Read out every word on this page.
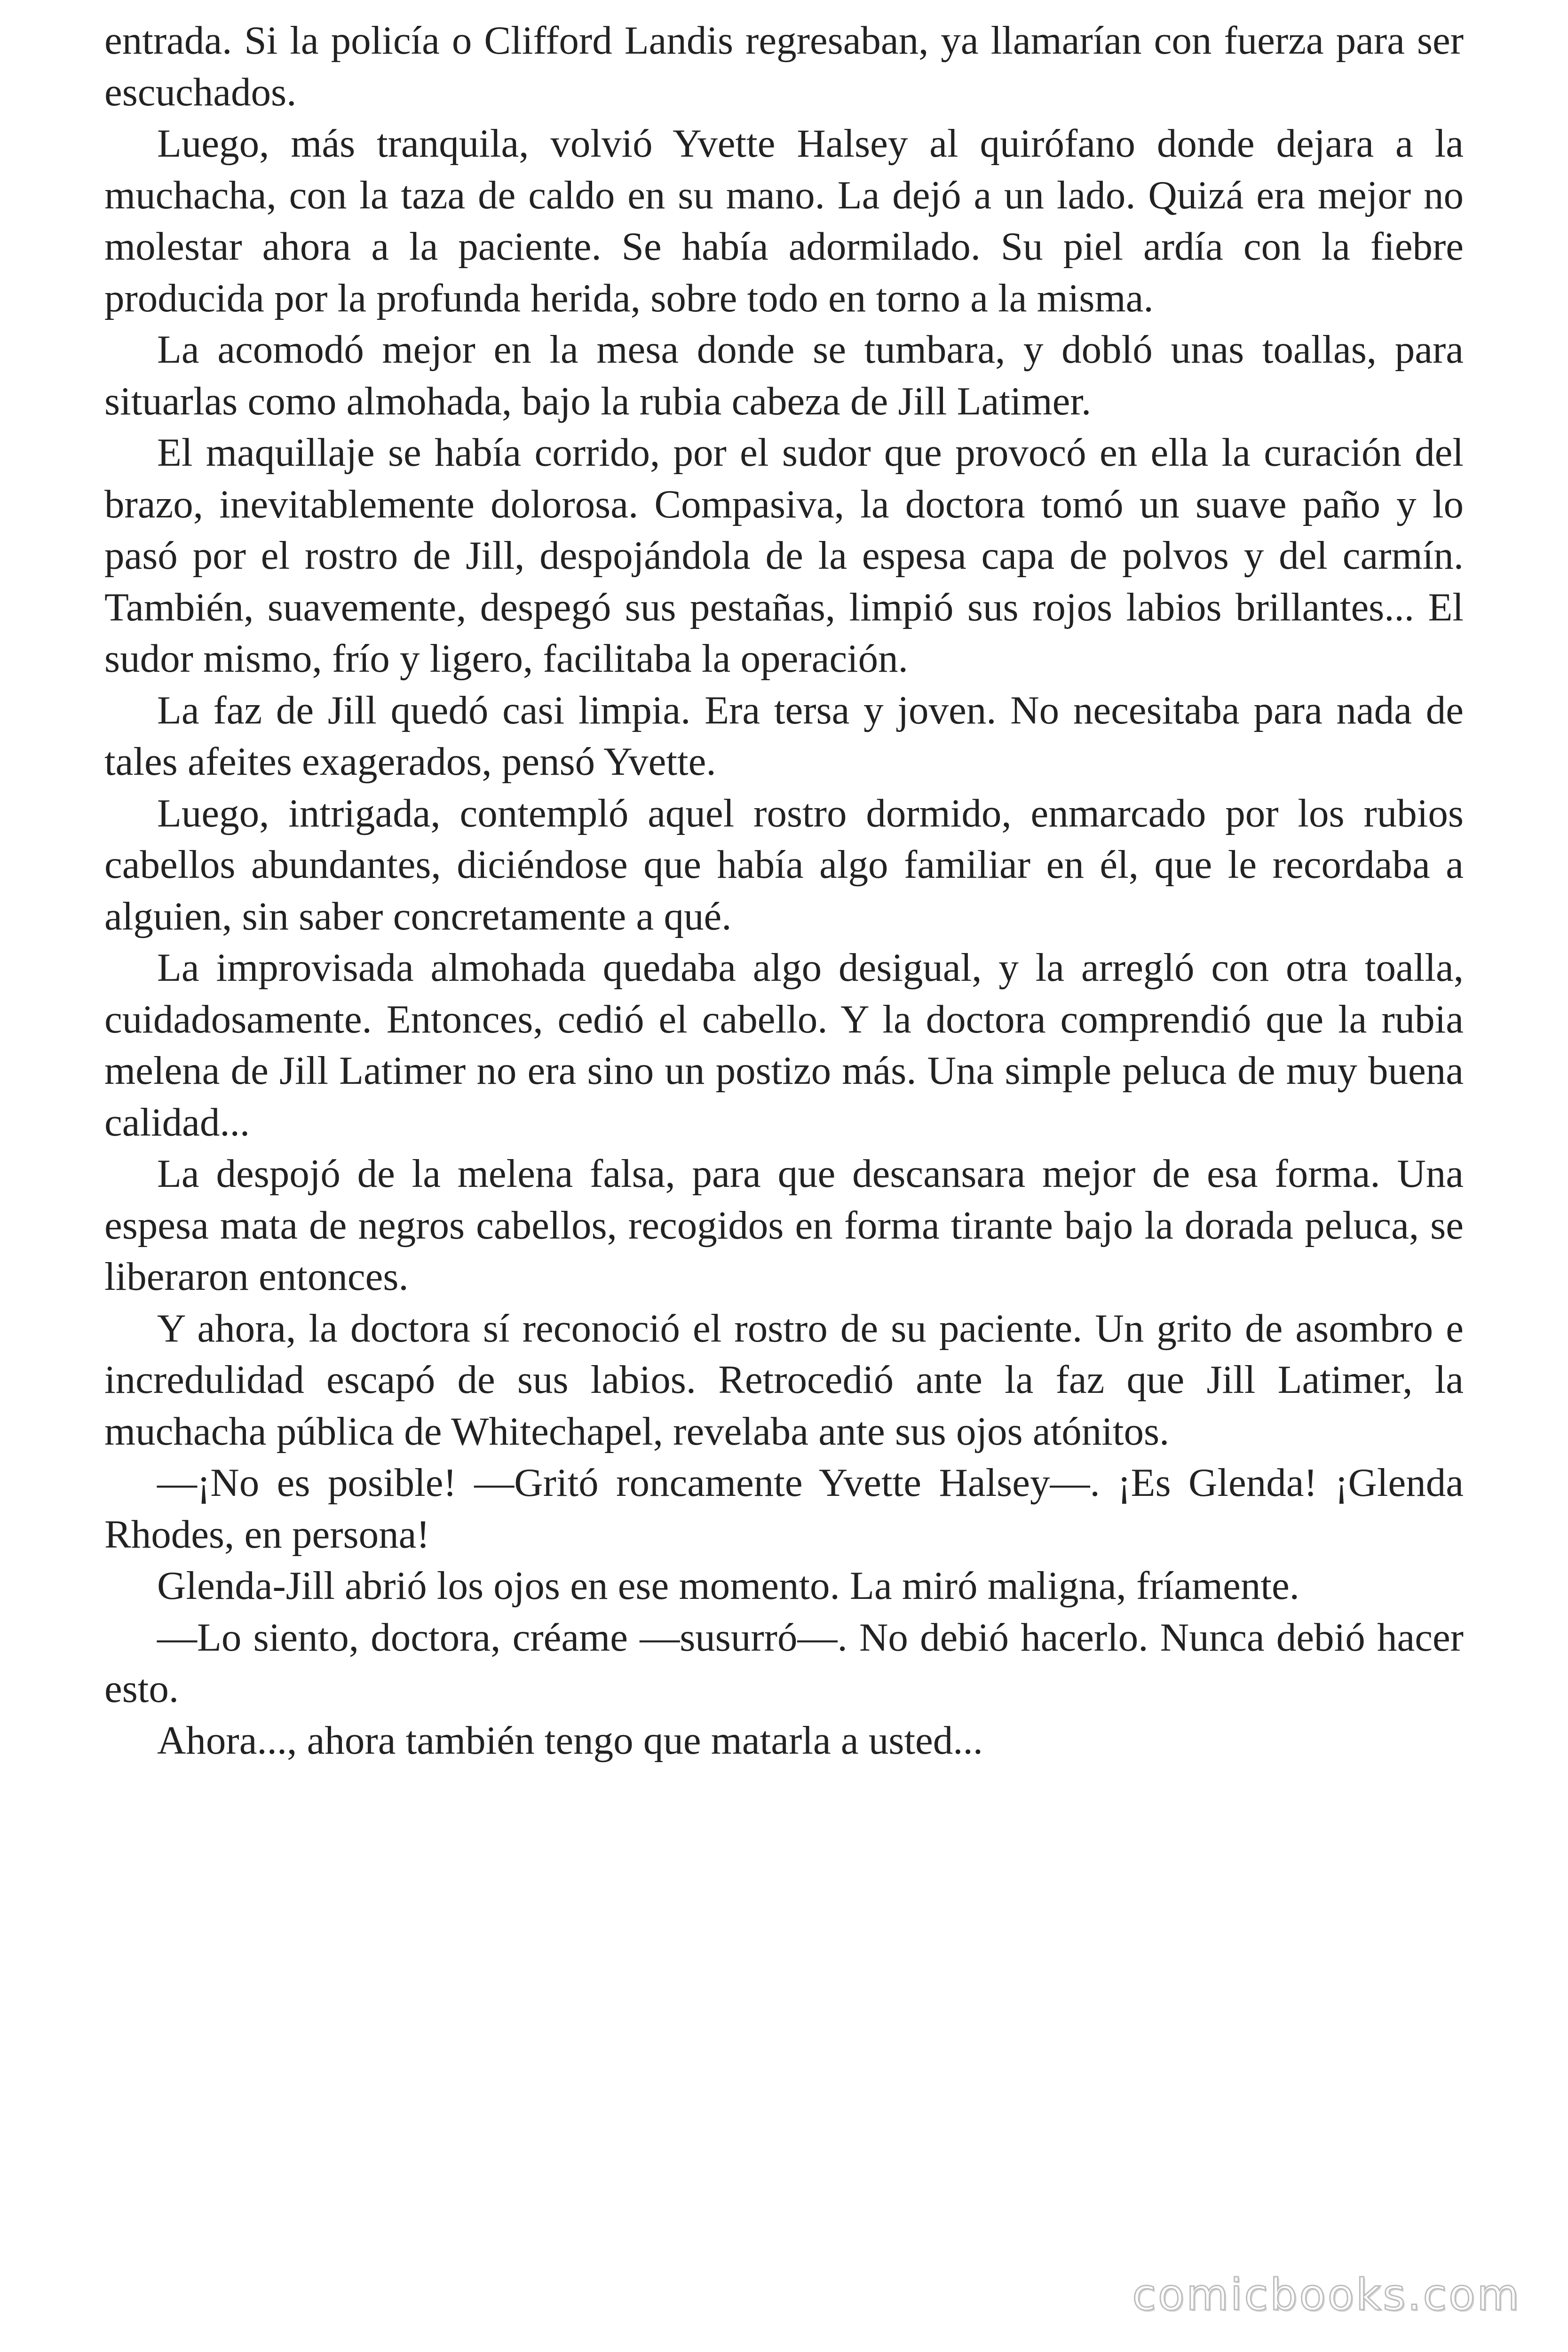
entrada. Si la policía o Clifford Landis regresaban, ya llamarían con fuerza para ser escuchados.

Luego, más tranquila, volvió Yvette Halsey al quirófano donde dejara a la muchacha, con la taza de caldo en su mano. La dejó a un lado. Quizá era mejor no molestar ahora a la paciente. Se había adormilado. Su piel ardía con la fiebre producida por la profunda herida, sobre todo en torno a la misma.

La acomodó mejor en la mesa donde se tumbara, y dobló unas toallas, para situarlas como almohada, bajo la rubia cabeza de Jill Latimer.

El maquillaje se había corrido, por el sudor que provocó en ella la curación del brazo, inevitablemente dolorosa. Compasiva, la doctora tomó un suave paño y lo pasó por el rostro de Jill, despojándola de la espesa capa de polvos y del carmín. También, suavemente, despegó sus pestañas, limpió sus rojos labios brillantes... El sudor mismo, frío y ligero, facilitaba la operación.

La faz de Jill quedó casi limpia. Era tersa y joven. No necesitaba para nada de tales afeites exagerados, pensó Yvette.

Luego, intrigada, contempló aquel rostro dormido, enmarcado por los rubios cabellos abundantes, diciéndose que había algo familiar en él, que le recordaba a alguien, sin saber concretamente a qué.

La improvisada almohada quedaba algo desigual, y la arregló con otra toalla, cuidadosamente. Entonces, cedió el cabello. Y la doctora comprendió que la rubia melena de Jill Latimer no era sino un postizo más. Una simple peluca de muy buena calidad...

La despojó de la melena falsa, para que descansara mejor de esa forma. Una espesa mata de negros cabellos, recogidos en forma tirante bajo la dorada peluca, se liberaron entonces.

Y ahora, la doctora sí reconoció el rostro de su paciente. Un grito de asombro e incredulidad escapó de sus labios. Retrocedió ante la faz que Jill Latimer, la muchacha pública de Whitechapel, revelaba ante sus ojos atónitos.

—¡No es posible! —Gritó roncamente Yvette Halsey—. ¡Es Glenda! ¡Glenda Rhodes, en persona!

Glenda-Jill abrió los ojos en ese momento. La miró maligna, fríamente.

—Lo siento, doctora, créame —susurró—. No debió hacerlo. Nunca debió hacer esto.

Ahora..., ahora también tengo que matarla a usted...

comicbooks.com
